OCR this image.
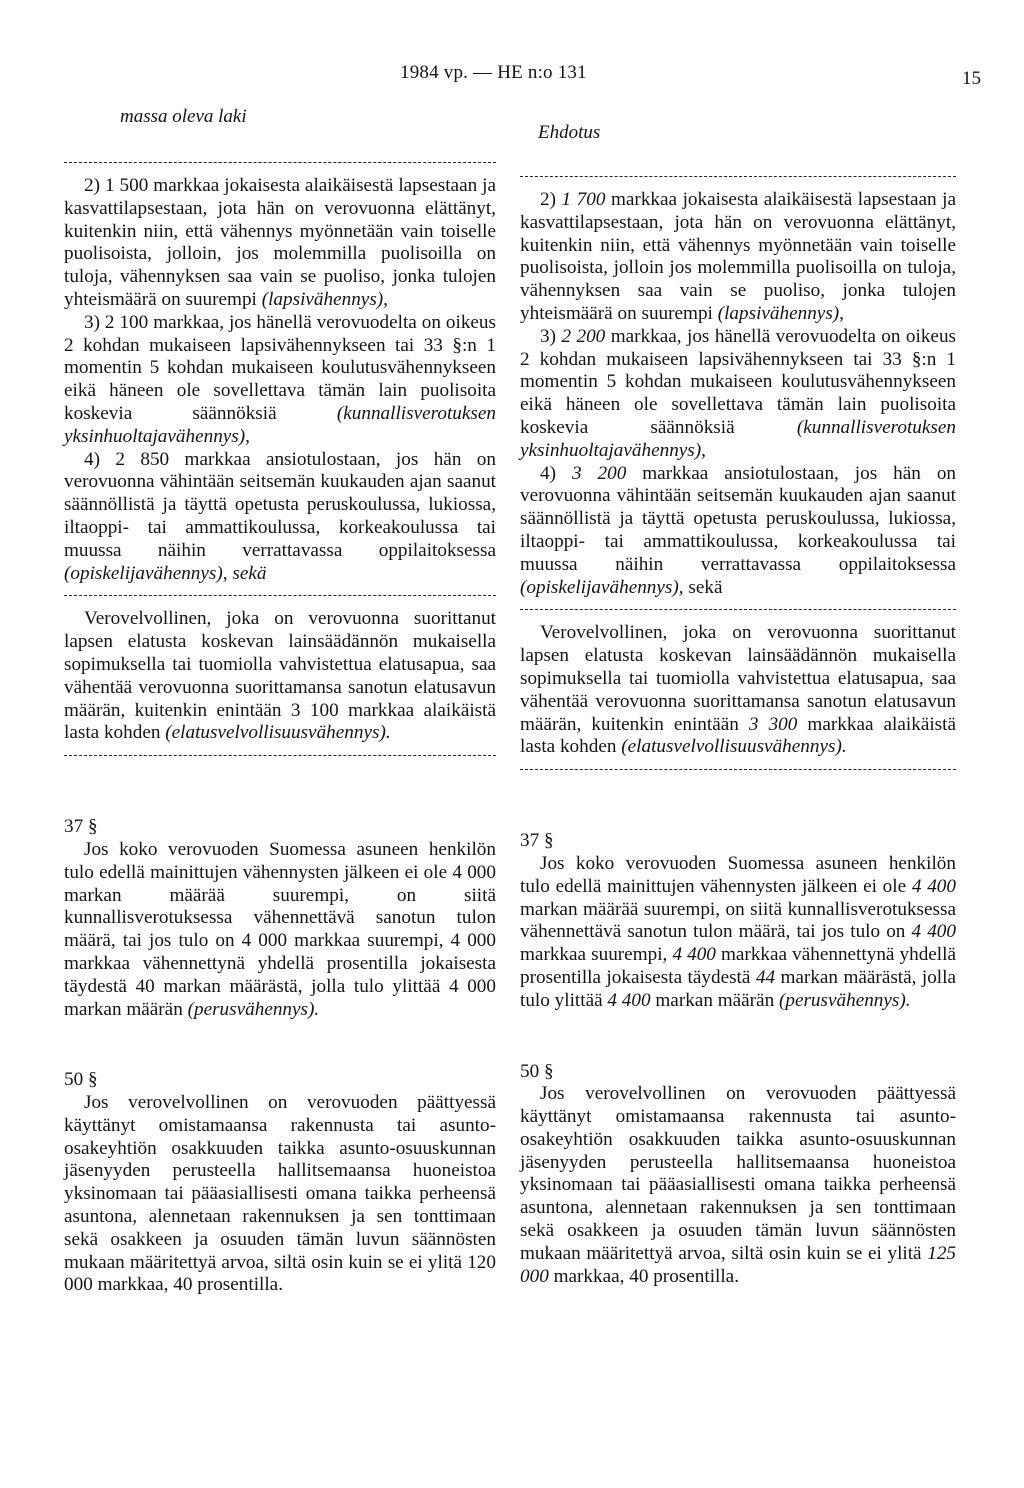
1984 vp. — HE n:o 131	15
massa oleva laki
Ehdotus

2) 1 500 markkaa jokaisesta alaikäisestä lapsestaan ja kasvattilapsestaan, jota hän on verovuonna elättänyt, kuitenkin niin, että vähennys myönnetään vain toiselle puolisoista, jolloin, jos molemmilla puolisoilla on tuloja, vähennyksen saa vain se puoliso, jonka tulojen yhteismäärä on suurempi (lapsivähennys),

3) 2 100 markkaa, jos hänellä verovuodelta on oikeus 2 kohdan mukaiseen lapsivähennykseen tai 33 §:n 1 momentin 5 kohdan mukaiseen koulutusvähennykseen eikä häneen ole sovellettava tämän lain puolisoita koskevia säännöksiä (kunnallisverotuksen yksinhuoltajavähennys),

4) 2 850 markkaa ansiotulostaan, jos hän on verovuonna vähintään seitsemän kuukauden ajan saanut säännöllistä ja täyttä opetusta peruskoulussa, lukiossa, iltaoppi- tai ammattikoulussa, korkeakoulussa tai muussa näihin verrattavassa oppilaitoksessa (opiskelijavähennys), sekä

Verovelvollinen, joka on verovuonna suorittanut lapsen elatusta koskevan lainsäädännön mukaisella sopimuksella tai tuomiolla vahvistettua elatusapua, saa vähentää verovuonna suorittamansa sanotun elatusavun määrän, kuitenkin enintään 3 100 markkaa alaikäistä lasta kohden (elatusvelvollisuusvähennys).

37 §

Jos koko verovuoden Suomessa asuneen henkilön tulo edellä mainittujen vähennysten jälkeen ei ole 4 000 markan määrää suurempi, on siitä kunnallisverotuksessa vähennettävä sanotun tulon määrä, tai jos tulo on 4 000 markkaa suurempi, 4 000 markkaa vähennettynä yhdellä prosentilla jokaisesta täydestä 40 markan määrästä, jolla tulo ylittää 4 000 markan määrän (perusvähennys).

50 §

Jos verovelvollinen on verovuoden päättyessä käyttänyt omistamaansa rakennusta tai asunto-osakeyhtiön osakkuuden taikka asunto-osuuskunnan jäsenyyden perusteella hallitsemaansa huoneistoa yksinomaan tai pääasiallisesti omana taikka perheensä asuntona, alennetaan rakennuksen ja sen tonttimaan sekä osakkeen ja osuuden tämän luvun säännösten mukaan määritettyä arvoa, siltä osin kuin se ei ylitä 120 000 markkaa, 40 prosentilla.

2) 1 700 markkaa jokaisesta alaikäisestä lapsestaan ja kasvattilapsestaan, jota hän on verovuonna elättänyt, kuitenkin niin, että vähennys myönnetään vain toiselle puolisoista, jolloin jos molemmilla puolisoilla on tuloja, vähennyksen saa vain se puoliso, jonka tulojen yhteismäärä on suurempi (lapsivähennys),

3) 2 200 markkaa, jos hänellä verovuodelta on oikeus 2 kohdan mukaiseen lapsivähennykseen tai 33 §:n 1 momentin 5 kohdan mukaiseen koulutusvähennykseen eikä häneen ole sovellettava tämän lain puolisoita koskevia säännöksiä (kunnallisverotuksen yksinhuoltajavähennys),

4) 3 200 markkaa ansiotulostaan, jos hän on verovuonna vähintään seitsemän kuukauden ajan saanut säännöllistä ja täyttä opetusta peruskoulussa, lukiossa, iltaoppi- tai ammattikoulussa, korkeakoulussa tai muussa näihin verrattavassa oppilaitoksessa (opiskelijavähennys), sekä

Verovelvollinen, joka on verovuonna suorittanut lapsen elatusta koskevan lainsäädännön mukaisella sopimuksella tai tuomiolla vahvistettua elatusapua, saa vähentää verovuonna suorittamansa sanotun elatusavun määrän, kuitenkin enintään 3 300 markkaa alaikäistä lasta kohden (elatusvelvollisuusvähennys).

37 §

Jos koko verovuoden Suomessa asuneen henkilön tulo edellä mainittujen vähennysten jälkeen ei ole 4 400 markan määrää suurempi, on siitä kunnallisverotuksessa vähennettävä sanotun tulon määrä, tai jos tulo on 4 400 markkaa suurempi, 4 400 markkaa vähennettynä yhdellä prosentilla jokaisesta täydestä 44 markan määrästä, jolla tulo ylittää 4 400 markan määrän (perusvähennys).

50 §

Jos verovelvollinen on verovuoden päättyessä käyttänyt omistamaansa rakennusta tai asunto-osakeyhtiön osakkuuden taikka asunto-osuuskunnan jäsenyyden perusteella hallitsemaansa huoneistoa yksinomaan tai pääasiallisesti omana taikka perheensä asuntona, alennetaan rakennuksen ja sen tonttimaan sekä osakkeen ja osuuden tämän luvun säännösten mukaan määritettyä arvoa, siltä osin kuin se ei ylitä 125 000 markkaa, 40 prosentilla.
